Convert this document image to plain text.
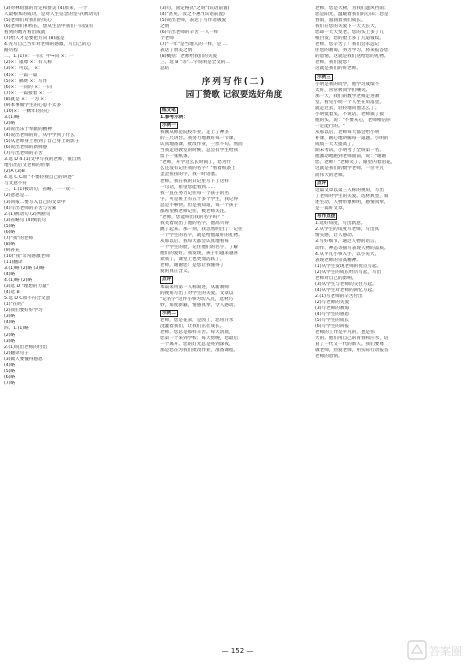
(3)对林绍群的肯定和赞美 (4)原来，一个
人最根本的成功，是对人生信念的坚守(被动句)
(5)老师们对我们的关心
(6)老师们和校长，想从生活中我们一向没有
看到的地方看出成就
(7)给人才是要把方向 (8)越是
4.先写自己当年对老师的感激，写自己的心
路历程
二、1.(1)×：一向；中→向 ×：一
(2)×：谨尊 ×：有人称
(3)×：可以， ×：
(4)×：一篇一篇
(5)×：稿费 ×：写作
(6)×：一向的 ×：一向
(7)×：一篇接着 ×：一
(8)就是 ×：一为 ×：
(9)本事做学生的心思不太多
(10)×：一颗年轻的心
3.(1)略
(2)略
(3)说出乐于奉献的精神
(4)说出老师的好，从中学到了什么
(5)从老师身上看到了自己身上的影子
(6)说出老师的新鲜感
(7)写出老师的辛苦
3.选 D 4.(1)文中写我的老师，很自然
地引出后文老师的形象
(2)A (3)B
4.选 C C项 "不要轻视自己的讲述"
与文意不符
三、1.(1)被动句，省略，一一双一
(2)意思是…
(3)回报…要写入自己的文章中
(4)写出老师的辛苦与劳累
2.(1)被动句 (2)判断句
(3)省略句 (4)倒装句
(5)略
(6)略
(7)"我"的老师
(8)略
(9)补充
(10)"我"非常感激老师
(11)翻译
3.(1)略 (2)略 (3)略
(4)略
4.(1)略 (2)略
(3)选 D "理想的力量"
(4)选 B
5.选 D C项不符合文意
(1)"在吗"
(2)我们要好好学习
(3)略
(4)略
四、1.(1)略
(2)略
(3)略
2.(1)说出老师的付出
(2)翻译句子
(3)做人要懂得感恩
(4)略
(5)略
(6)略
(7)略
(3)句，固定格式"之谓"(宾语前置)
(4)"甚矣，汝之不惠"(宾语前置)
(5)说出老师，表达了写作者敬爱
之情
(6)写出老师的辛苦 一人一样
个老师
(7)"一年"是当地人的一样，是 …
表达了赞美之情
(8)概括：老师给我们的关爱
三、选 B "等"二字说明是全文的…
总结
序列写作(二)
园丁赞歌 记叙要选好角度
练文笔
1.参考示例：
示例一
我刚从师范院校毕业，走上了神圣
的三尺讲台。我努力地教好每一节课，
认真地备课，批改作业，一丝不苟。然而
当我走进教室的时候，总会有学生给我
留下一张纸条。
"老师，开学这么长时间了，您为什
么还没有记住我的名字？"看着纸条上
歪歪扭扭的字，我一时语塞。
老师，我在我的日记里写下了这样
一句话，希望您能看到……
我一直在努力记住每一个孩子的名
字，可是班上有五十多个学生，我记得
总是不够快。但是我知道，每一个孩子
都希望被老师记住，被老师关注。
"老师，您能叫出我的名字吗？"
我笑着说出了他的名字，他高兴得
跳了起来。那一刻，我忽然明白了：记住
一个学生的名字，就是给他最好的礼物。
从那以后，我每天都会认真地看每
一个学生的脸，记住他们的名字，了解
他们的爱好。我发现，孩子们越来越喜
欢我了，课堂上也更加活跃了。
老师，谢谢您！是您让我懂得了
爱的真正含义。
点评
本篇采用第一人称叙述，从新教师
的视角写出了对学生的关爱。文章以
"记名字"这件小事为切入点，选材巧
妙，角度新颖，情感真挚，令人感动。
示例二
老师，您是花朵，是园丁，您用汗水
浇灌着我们，让我们茁壮成长。
老师，您总是那样辛苦。每天清晨，
您第一个来到学校；每天傍晚，您最后
一个离开。您的灯光总是亮到深夜，
那是您在为我们批改作业，准备课程。
老师，您是大树，为我们遮风挡雨；
您是阳光，温暖着我们的心田；您是
春雨，滋润着我们成长。
我们在您的关爱下一天天长大，
您却一天天变老。您的头上多了几
根白发，您的脸上多了几道皱纹。
老师，您辛苦了！我们会永远记
住您的教诲，努力学习，将来报答您
的恩情。这就是我们送给您的礼物。
老师，我们爱您！
这就是我们的好老师。
示例三
小明是我的同学，他学习成绩不
太好，常常被同学们嘲笑。
那一天，我们的数学老师走进教
室，看见小明一个人坐在角落里，
就走过去，轻轻地问他怎么了。
小明低着头，不说话。老师摸了摸
他的头，说："不要灰心，老师相信你
一定能行的。"
从那以后，老师每天都会给小明
补课，耐心地讲解每一道题。小明的
成绩一天天提高了。
期末考试，小明考了全班第一名。
他激动地跑到老师面前，说："谢谢
您，老师！"老师笑了，眼里闪着泪花。
这就是我们的数学老师，一位平凡
而伟大的老师。
点评
这篇文章以第三人称的视角，写出
了老师对学生的关爱。选材典型，叙
述生动，人物形象鲜明，感情真挚，
是一篇好文章。
写作点拨
1.选好角度，写出新意。
2.从学生的角度写老师，写出真
情实感，让人感动。
3.写好细节，通过人物的语言、
动作、神态等描写表现人物的品质。
4.从平凡小事入手，以小见大，
表现老师的崇高精神。
(1)从学生发现老师的优点写起。
(2)从学生的成长经历写起，写出
老师对自己的影响。
(3)从学生与老师的交往写起。
(4)从学生对老师的回忆写起。
2.(1)写老师的辛苦付出
(2)写老师的关爱
(3)写老师的教诲
(4)写学生的感恩
(5)写学生的成长
(6)写学生的回报
老师的工作是平凡的，也是伟
大的。他们用自己的青春和汗水，培
育了一代又一代的新人。我们要尊
敬老师，热爱老师，用实际行动报答
老师的恩情。
— 152 —	答案圈
